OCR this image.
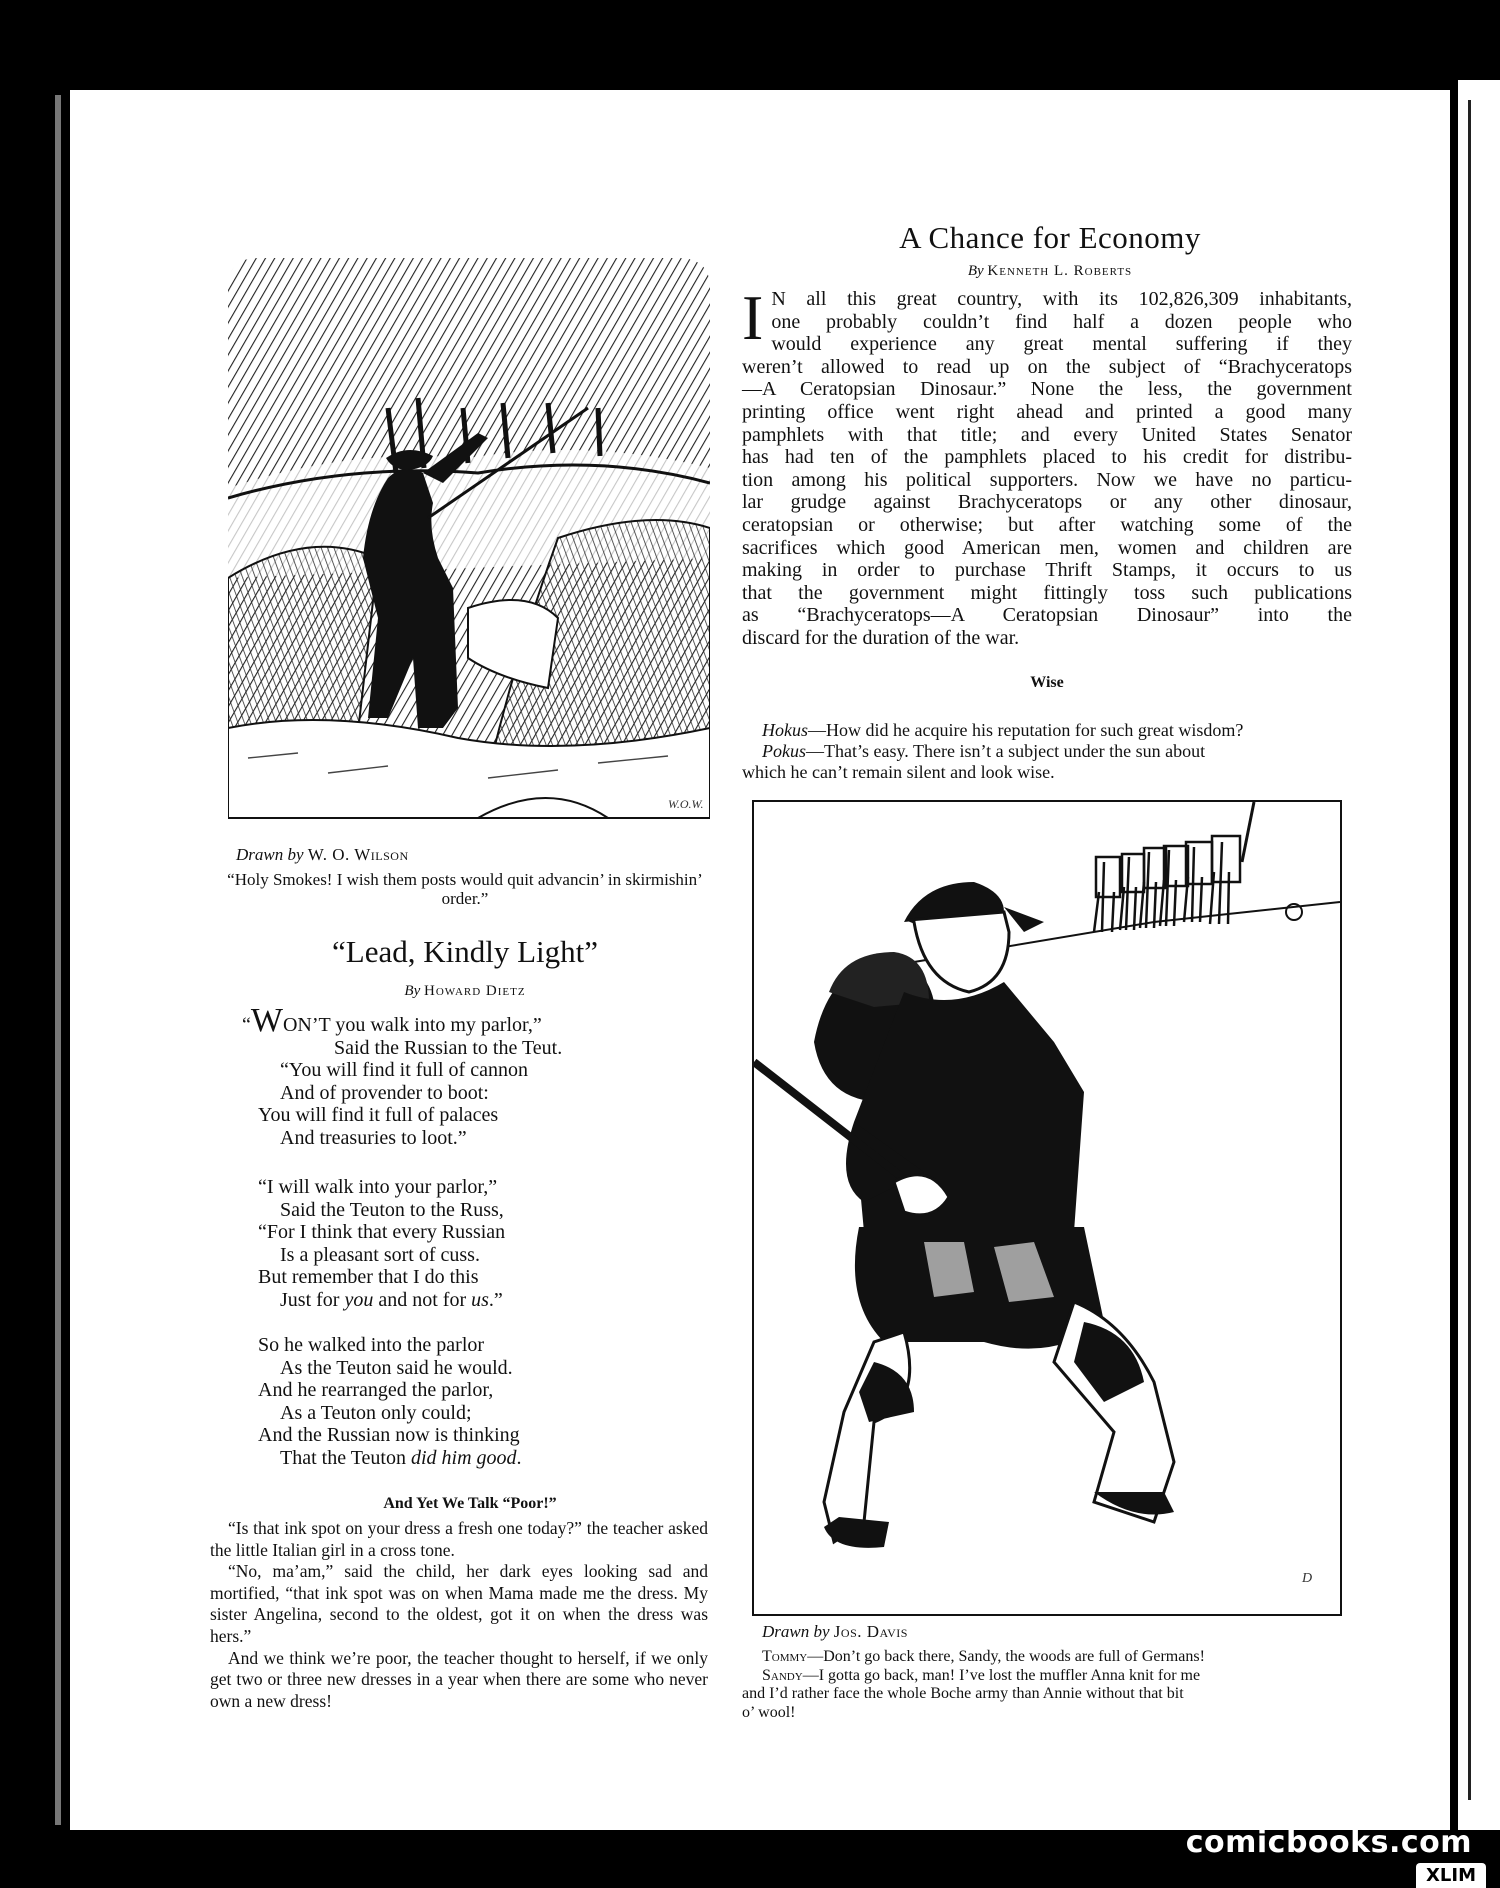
W.O.W.
Drawn by W. O. Wilson
“Holy Smokes! I wish them posts would quit advancin’ in skirmishin’ order.”
A Chance for Economy
By Kenneth L. Roberts
I N all this great country, with its 102,826,309 inhabitants,
one probably couldn’t find half a dozen people who
would experience any great mental suffering if they
weren’t allowed to read up on the subject of “Brachyceratops
—A Ceratopsian Dinosaur.” None the less, the government
printing office went right ahead and printed a good many
pamphlets with that title; and every United States Senator
has had ten of the pamphlets placed to his credit for distribu-
tion among his political supporters. Now we have no particu-
lar grudge against Brachyceratops or any other dinosaur,
ceratopsian or otherwise; but after watching some of the
sacrifices which good American men, women and children are
making in order to purchase Thrift Stamps, it occurs to us
that the government might fittingly toss such publications
as “Brachyceratops—A Ceratopsian Dinosaur” into the
discard for the duration of the war.
Wise

Hokus—How did he acquire his reputation for such great wisdom?

Pokus—That’s easy. There isn’t a subject under the sun about

which he can’t remain silent and look wise.

D
Drawn by Jos. Davis

Tommy—Don’t go back there, Sandy, the woods are full of Germans!

Sandy—I gotta go back, man! I’ve lost the muffler Anna knit for me

and I’d rather face the whole Boche army than Annie without that bit

o’ wool!

“Lead, Kindly Light”
By Howard Dietz
“WON’T you walk into my parlor,”
Said the Russian to the Teut.
“You will find it full of cannon
And of provender to boot:
You will find it full of palaces
And treasuries to loot.”
“I will walk into your parlor,”
Said the Teuton to the Russ,
“For I think that every Russian
Is a pleasant sort of cuss.
But remember that I do this
Just for you and not for us.”
So he walked into the parlor
As the Teuton said he would.
And he rearranged the parlor,
As a Teuton only could;
And the Russian now is thinking
That the Teuton did him good.
And Yet We Talk “Poor!”

“Is that ink spot on your dress a fresh one today?” the teacher asked the little Italian girl in a cross tone.

“No, ma’am,” said the child, her dark eyes looking sad and mortified, “that ink spot was on when Mama made me the dress. My sister Angelina, second to the oldest, got it on when the dress was hers.”

And we think we’re poor, the teacher thought to herself, if we only get two or three new dresses in a year when there are some who never own a new dress!

comicbooks.com
XLIM
